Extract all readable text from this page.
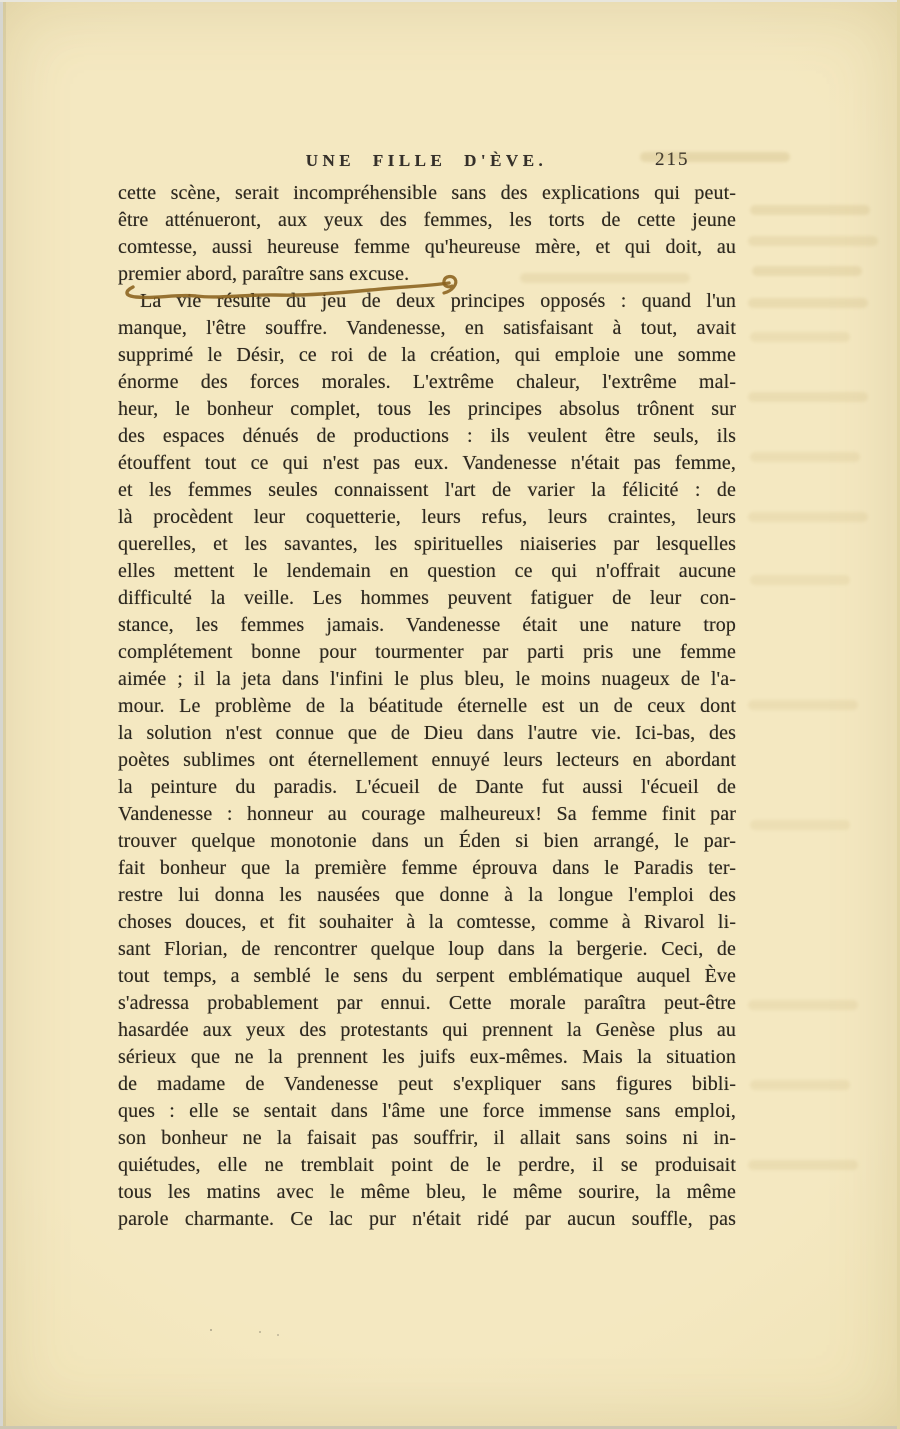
UNE FILLE D'ÈVE.	215
cette scène, serait incompréhensible sans des explications qui peut-
être atténueront, aux yeux des femmes, les torts de cette jeune
comtesse, aussi heureuse femme qu'heureuse mère, et qui doit, au
premier abord, paraître sans excuse.
La vie résulte du jeu de deux principes opposés : quand l'un
manque, l'être souffre. Vandenesse, en satisfaisant à tout, avait
supprimé le Désir, ce roi de la création, qui emploie une somme
énorme des forces morales. L'extrême chaleur, l'extrême mal-
heur, le bonheur complet, tous les principes absolus trônent sur
des espaces dénués de productions : ils veulent être seuls, ils
étouffent tout ce qui n'est pas eux. Vandenesse n'était pas femme,
et les femmes seules connaissent l'art de varier la félicité : de
là procèdent leur coquetterie, leurs refus, leurs craintes, leurs
querelles, et les savantes, les spirituelles niaiseries par lesquelles
elles mettent le lendemain en question ce qui n'offrait aucune
difficulté la veille. Les hommes peuvent fatiguer de leur con-
stance, les femmes jamais. Vandenesse était une nature trop
complétement bonne pour tourmenter par parti pris une femme
aimée ; il la jeta dans l'infini le plus bleu, le moins nuageux de l'a-
mour. Le problème de la béatitude éternelle est un de ceux dont
la solution n'est connue que de Dieu dans l'autre vie. Ici-bas, des
poètes sublimes ont éternellement ennuyé leurs lecteurs en abordant
la peinture du paradis. L'écueil de Dante fut aussi l'écueil de
Vandenesse : honneur au courage malheureux! Sa femme finit par
trouver quelque monotonie dans un Éden si bien arrangé, le par-
fait bonheur que la première femme éprouva dans le Paradis ter-
restre lui donna les nausées que donne à la longue l'emploi des
choses douces, et fit souhaiter à la comtesse, comme à Rivarol li-
sant Florian, de rencontrer quelque loup dans la bergerie. Ceci, de
tout temps, a semblé le sens du serpent emblématique auquel Ève
s'adressa probablement par ennui. Cette morale paraîtra peut-être
hasardée aux yeux des protestants qui prennent la Genèse plus au
sérieux que ne la prennent les juifs eux-mêmes. Mais la situation
de madame de Vandenesse peut s'expliquer sans figures bibli-
ques : elle se sentait dans l'âme une force immense sans emploi,
son bonheur ne la faisait pas souffrir, il allait sans soins ni in-
quiétudes, elle ne tremblait point de le perdre, il se produisait
tous les matins avec le même bleu, le même sourire, la même
parole charmante. Ce lac pur n'était ridé par aucun souffle, pas
